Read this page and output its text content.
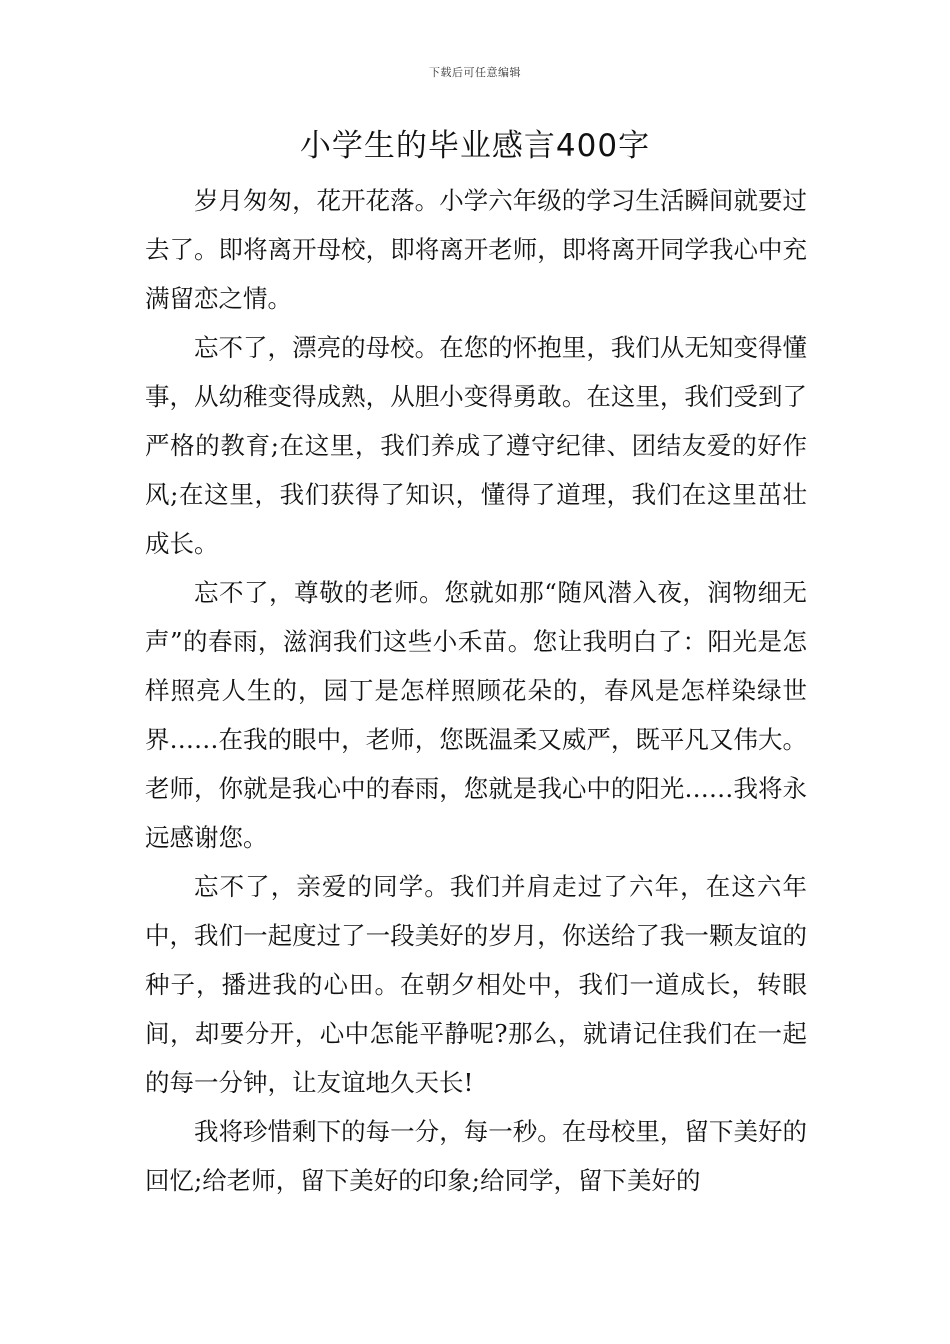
下载后可任意编辑
小学生的毕业感言400字

岁月匆匆，花开花落。小学六年级的学习生活瞬间就要过去了。即将离开母校，即将离开老师，即将离开同学我心中充满留恋之情。

忘不了，漂亮的母校。在您的怀抱里，我们从无知变得懂事，从幼稚变得成熟，从胆小变得勇敢。在这里，我们受到了严格的教育;在这里，我们养成了遵守纪律、团结友爱的好作风;在这里，我们获得了知识，懂得了道理，我们在这里茁壮成长。

忘不了，尊敬的老师。您就如那“随风潜入夜，润物细无声”的春雨，滋润我们这些小禾苗。您让我明白了：阳光是怎样照亮人生的，园丁是怎样照顾花朵的，春风是怎样染绿世界……在我的眼中，老师，您既温柔又威严，既平凡又伟大。老师，你就是我心中的春雨，您就是我心中的阳光……我将永远感谢您。

忘不了，亲爱的同学。我们并肩走过了六年，在这六年中，我们一起度过了一段美好的岁月，你送给了我一颗友谊的种子，播进我的心田。在朝夕相处中，我们一道成长，转眼间，却要分开，心中怎能平静呢?那么，就请记住我们在一起的每一分钟，让友谊地久天长!

我将珍惜剩下的每一分，每一秒。在母校里，留下美好的回忆;给老师，留下美好的印象;给同学，留下美好的
